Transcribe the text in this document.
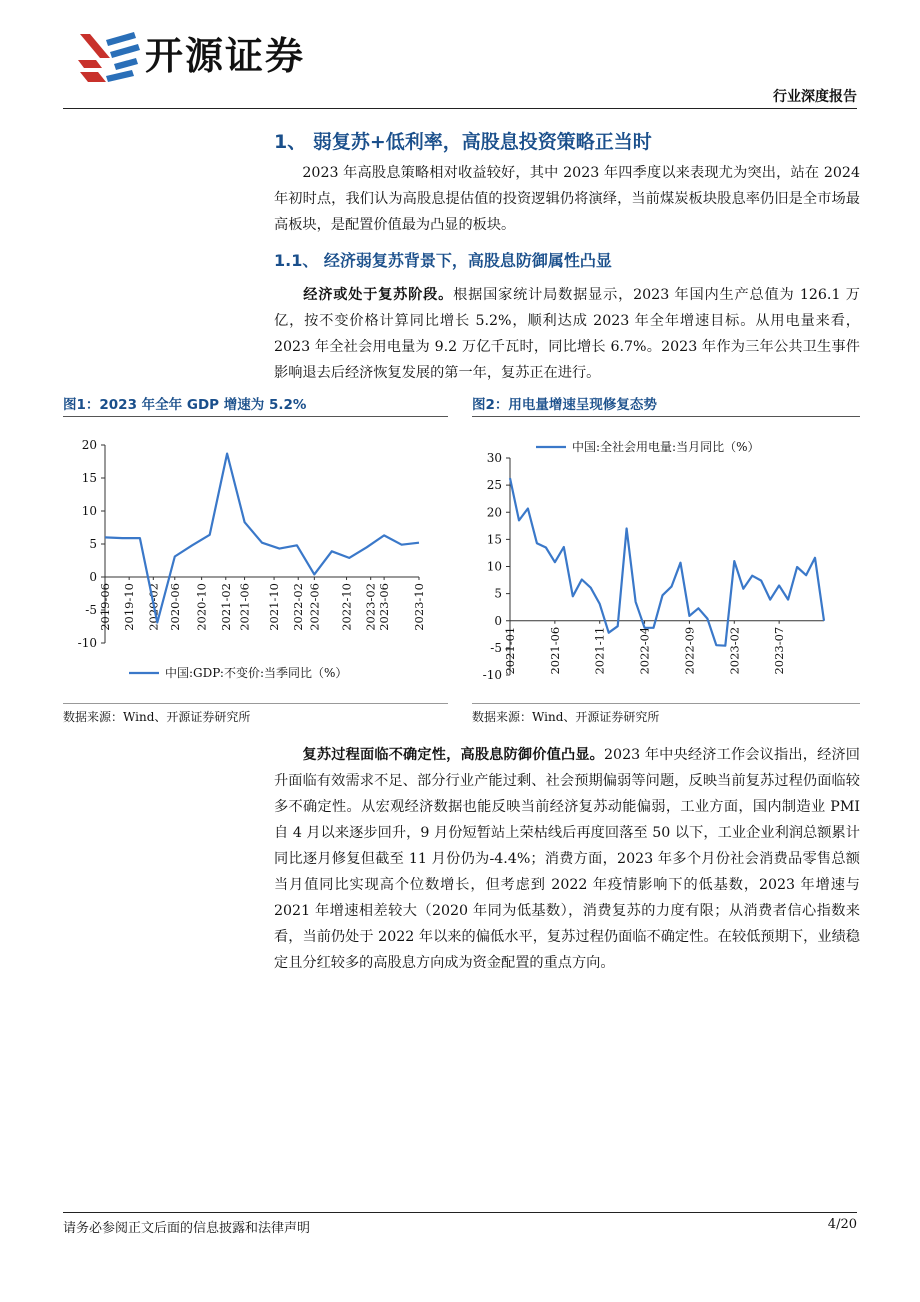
开源证券
行业深度报告
1、 弱复苏+低利率，高股息投资策略正当时

2023 年高股息策略相对收益较好，其中 2023 年四季度以来表现尤为突出，站在 2024 年初时点，我们认为高股息提估值的投资逻辑仍将演绎，当前煤炭板块股息率仍旧是全市场最高板块，是配置价值最为凸显的板块。

1.1、 经济弱复苏背景下，高股息防御属性凸显

经济或处于复苏阶段。根据国家统计局数据显示，2023 年国内生产总值为 126.1 万亿，按不变价格计算同比增长 5.2%，顺利达成 2023 年全年增速目标。从用电量来看，2023 年全社会用电量为 9.2 万亿千瓦时，同比增长 6.7%。2023 年作为三年公共卫生事件影响退去后经济恢复发展的第一年，复苏正在进行。

图1：2023 年全年 GDP 增速为 5.2%	图2：用电量增速呈现修复态势
-10
-5
0
5
10
15
20
2019-06 2019-10 2020-02 2020-06 2020-10 2021-02 2021-06 2021-10 2022-02 2022-06 2022-10 2023-02 2023-06 2023-10
中国:GDP:不变价:当季同比（%）	-10
-5
0
5
10
15
20
25
30
2021-01	2021-06	2021-11	2022-04	2022-09	2023-02	2023-07
中国:全社会用电量:当月同比（%）
数据来源：Wind、开源证券研究所	数据来源：Wind、开源证券研究所

复苏过程面临不确定性，高股息防御价值凸显。2023 年中央经济工作会议指出，经济回升面临有效需求不足、部分行业产能过剩、社会预期偏弱等问题，反映当前复苏过程仍面临较多不确定性。从宏观经济数据也能反映当前经济复苏动能偏弱，工业方面，国内制造业 PMI 自 4 月以来逐步回升，9 月份短暂站上荣枯线后再度回落至 50 以下，工业企业利润总额累计同比逐月修复但截至 11 月份仍为-4.4%；消费方面，2023 年多个月份社会消费品零售总额当月值同比实现高个位数增长，但考虑到 2022 年疫情影响下的低基数，2023 年增速与 2021 年增速相差较大（2020 年同为低基数），消费复苏的力度有限；从消费者信心指数来看，当前仍处于 2022 年以来的偏低水平，复苏过程仍面临不确定性。在较低预期下，业绩稳定且分红较多的高股息方向成为资金配置的重点方向。

请务必参阅正文后面的信息披露和法律声明	4/20
